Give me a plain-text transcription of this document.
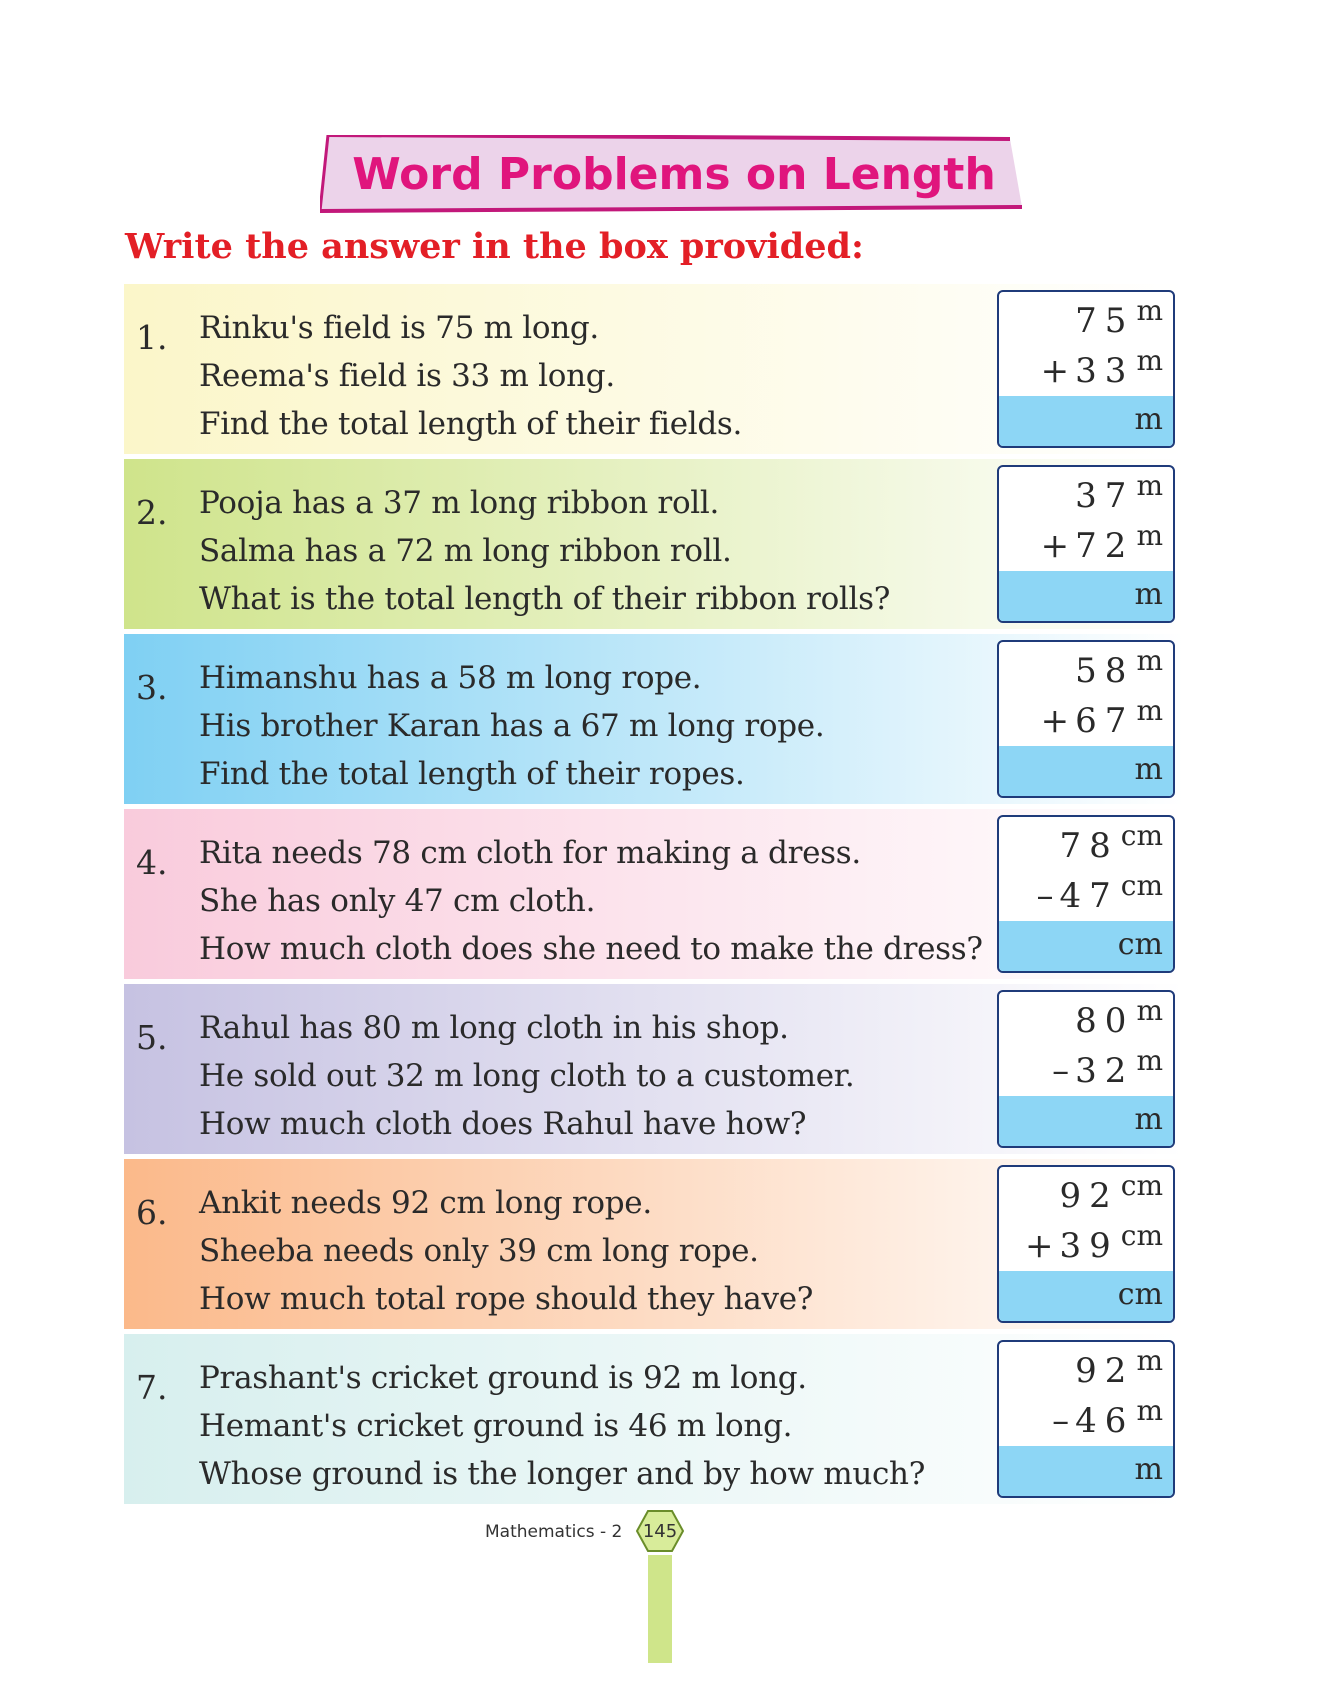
Word Problems on Length
Write the answer in the box provided:
1. Rinku's field is 75 m long.
Reema's field is 33 m long.
Find the total length of their fields.
75m
+ 33m
m
2. Pooja has a 37 m long ribbon roll.
Salma has a 72 m long ribbon roll.
What is the total length of their ribbon rolls?
37m
+ 72m
m
3. Himanshu has a 58 m long rope.
His brother Karan has a 67 m long rope.
Find the total length of their ropes.
58m
+ 67m
m
4. Rita needs 78 cm cloth for making a dress.
She has only 47 cm cloth.
How much cloth does she need to make the dress?
78cm
– 47cm
cm
5. Rahul has 80 m long cloth in his shop.
He sold out 32 m long cloth to a customer.
How much cloth does Rahul have how?
80m
– 32m
m
6. Ankit needs 92 cm long rope.
Sheeba needs only 39 cm long rope.
How much total rope should they have?
92cm
+ 39cm
cm
7. Prashant's cricket ground is 92 m long.
Hemant's cricket ground is 46 m long.
Whose ground is the longer and by how much?
92m
– 46m
m
Mathematics - 2	145
